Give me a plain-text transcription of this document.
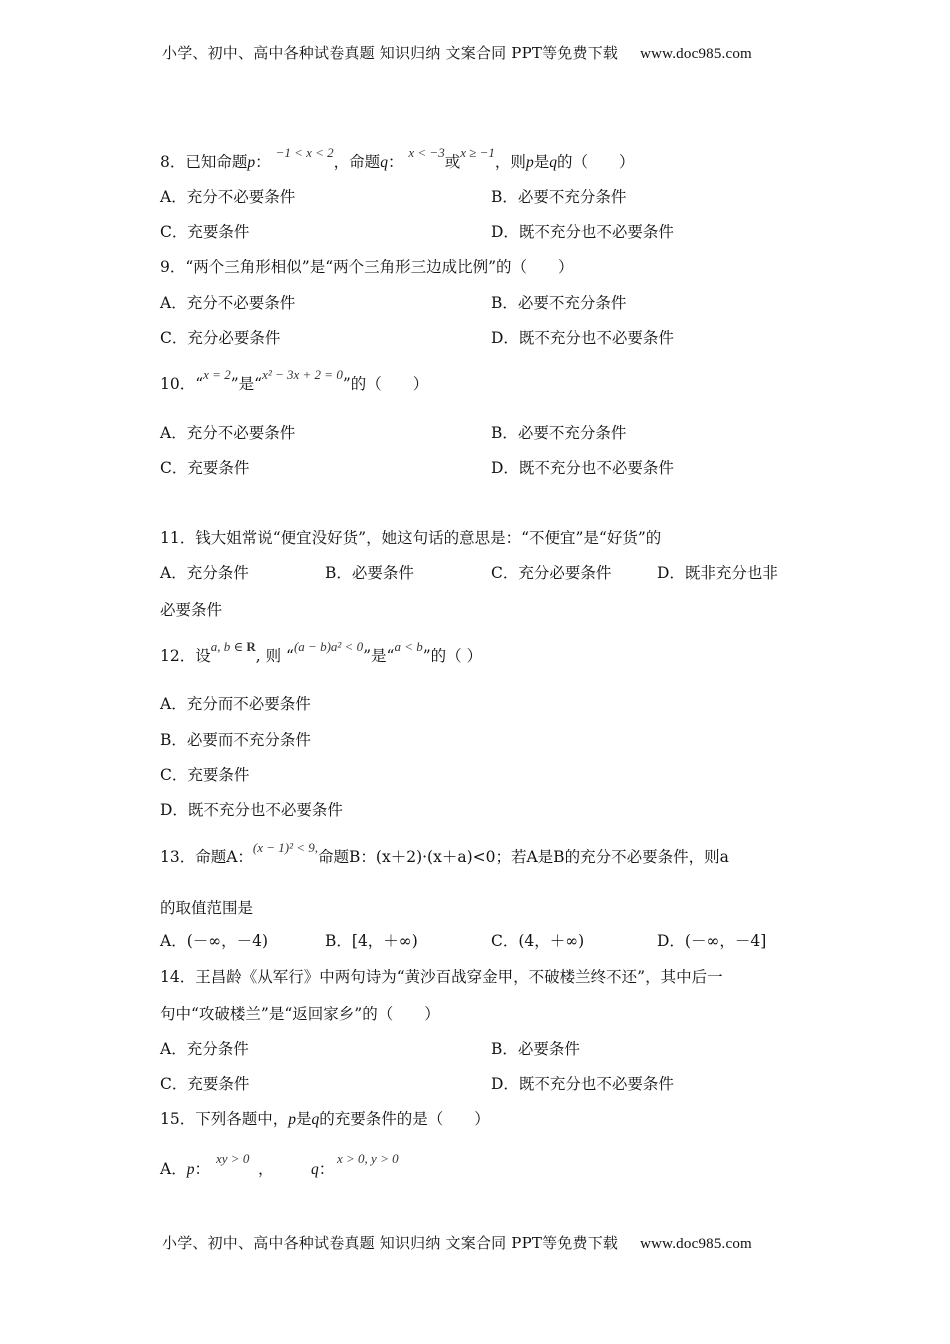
小学、初中、高中各种试卷真题 知识归纳 文案合同 PPT等免费下载 www.doc985.com
8．已知命题p： $^{-1 < x < 2}$，命题q： $^{x < -3}$或$^{x \ge -1}$，则p是q的（　　）
A．充分不必要条件	B．必要不充分条件
C．充要条件	D．既不充分也不必要条件
9．“两个三角形相似”是“两个三角形三边成比例”的（　　）
A．充分不必要条件	B．必要不充分条件
C．充分必要条件	D．既不充分也不必要条件
10．“$^{x = 2}$”是“$^{x^2 - 3x + 2 = 0}$”的（　　）
A．充分不必要条件	B．必要不充分条件
C．充要条件	D．既不充分也不必要条件
11．钱大姐常说“便宜没好货”，她这句话的意思是：“不便宜”是“好货”的
A．充分条件	B．必要条件	C．充分必要条件	D．既非充分也非
必要条件
12．设$^{a, b \in R}$, 则 “$^{(a - b)a^2 < 0}$”是“$^{a < b}$”的（ ）
A．充分而不必要条件
B．必要而不充分条件
C．充要条件
D．既不充分也不必要条件
13．命题A：$^{(x - 1)^2 < 9,}$命题B：(x＋2)·(x＋a)<0；若A是B的充分不必要条件，则a
的取值范围是
A．(－∞，－4)	B．[4，＋∞)	C．(4，＋∞)	D．(－∞，－4]
14．王昌龄《从军行》中两句诗为“黄沙百战穿金甲，不破楼兰终不还”，其中后一
句中“攻破楼兰”是“返回家乡”的（　　）
A．充分条件	B．必要条件
C．充要条件	D．既不充分也不必要条件
15．下列各题中，p是q的充要条件的是（　　）
A．p：
xy > 0
， q：
x > 0, y > 0
小学、初中、高中各种试卷真题 知识归纳 文案合同 PPT等免费下载 www.doc985.com
